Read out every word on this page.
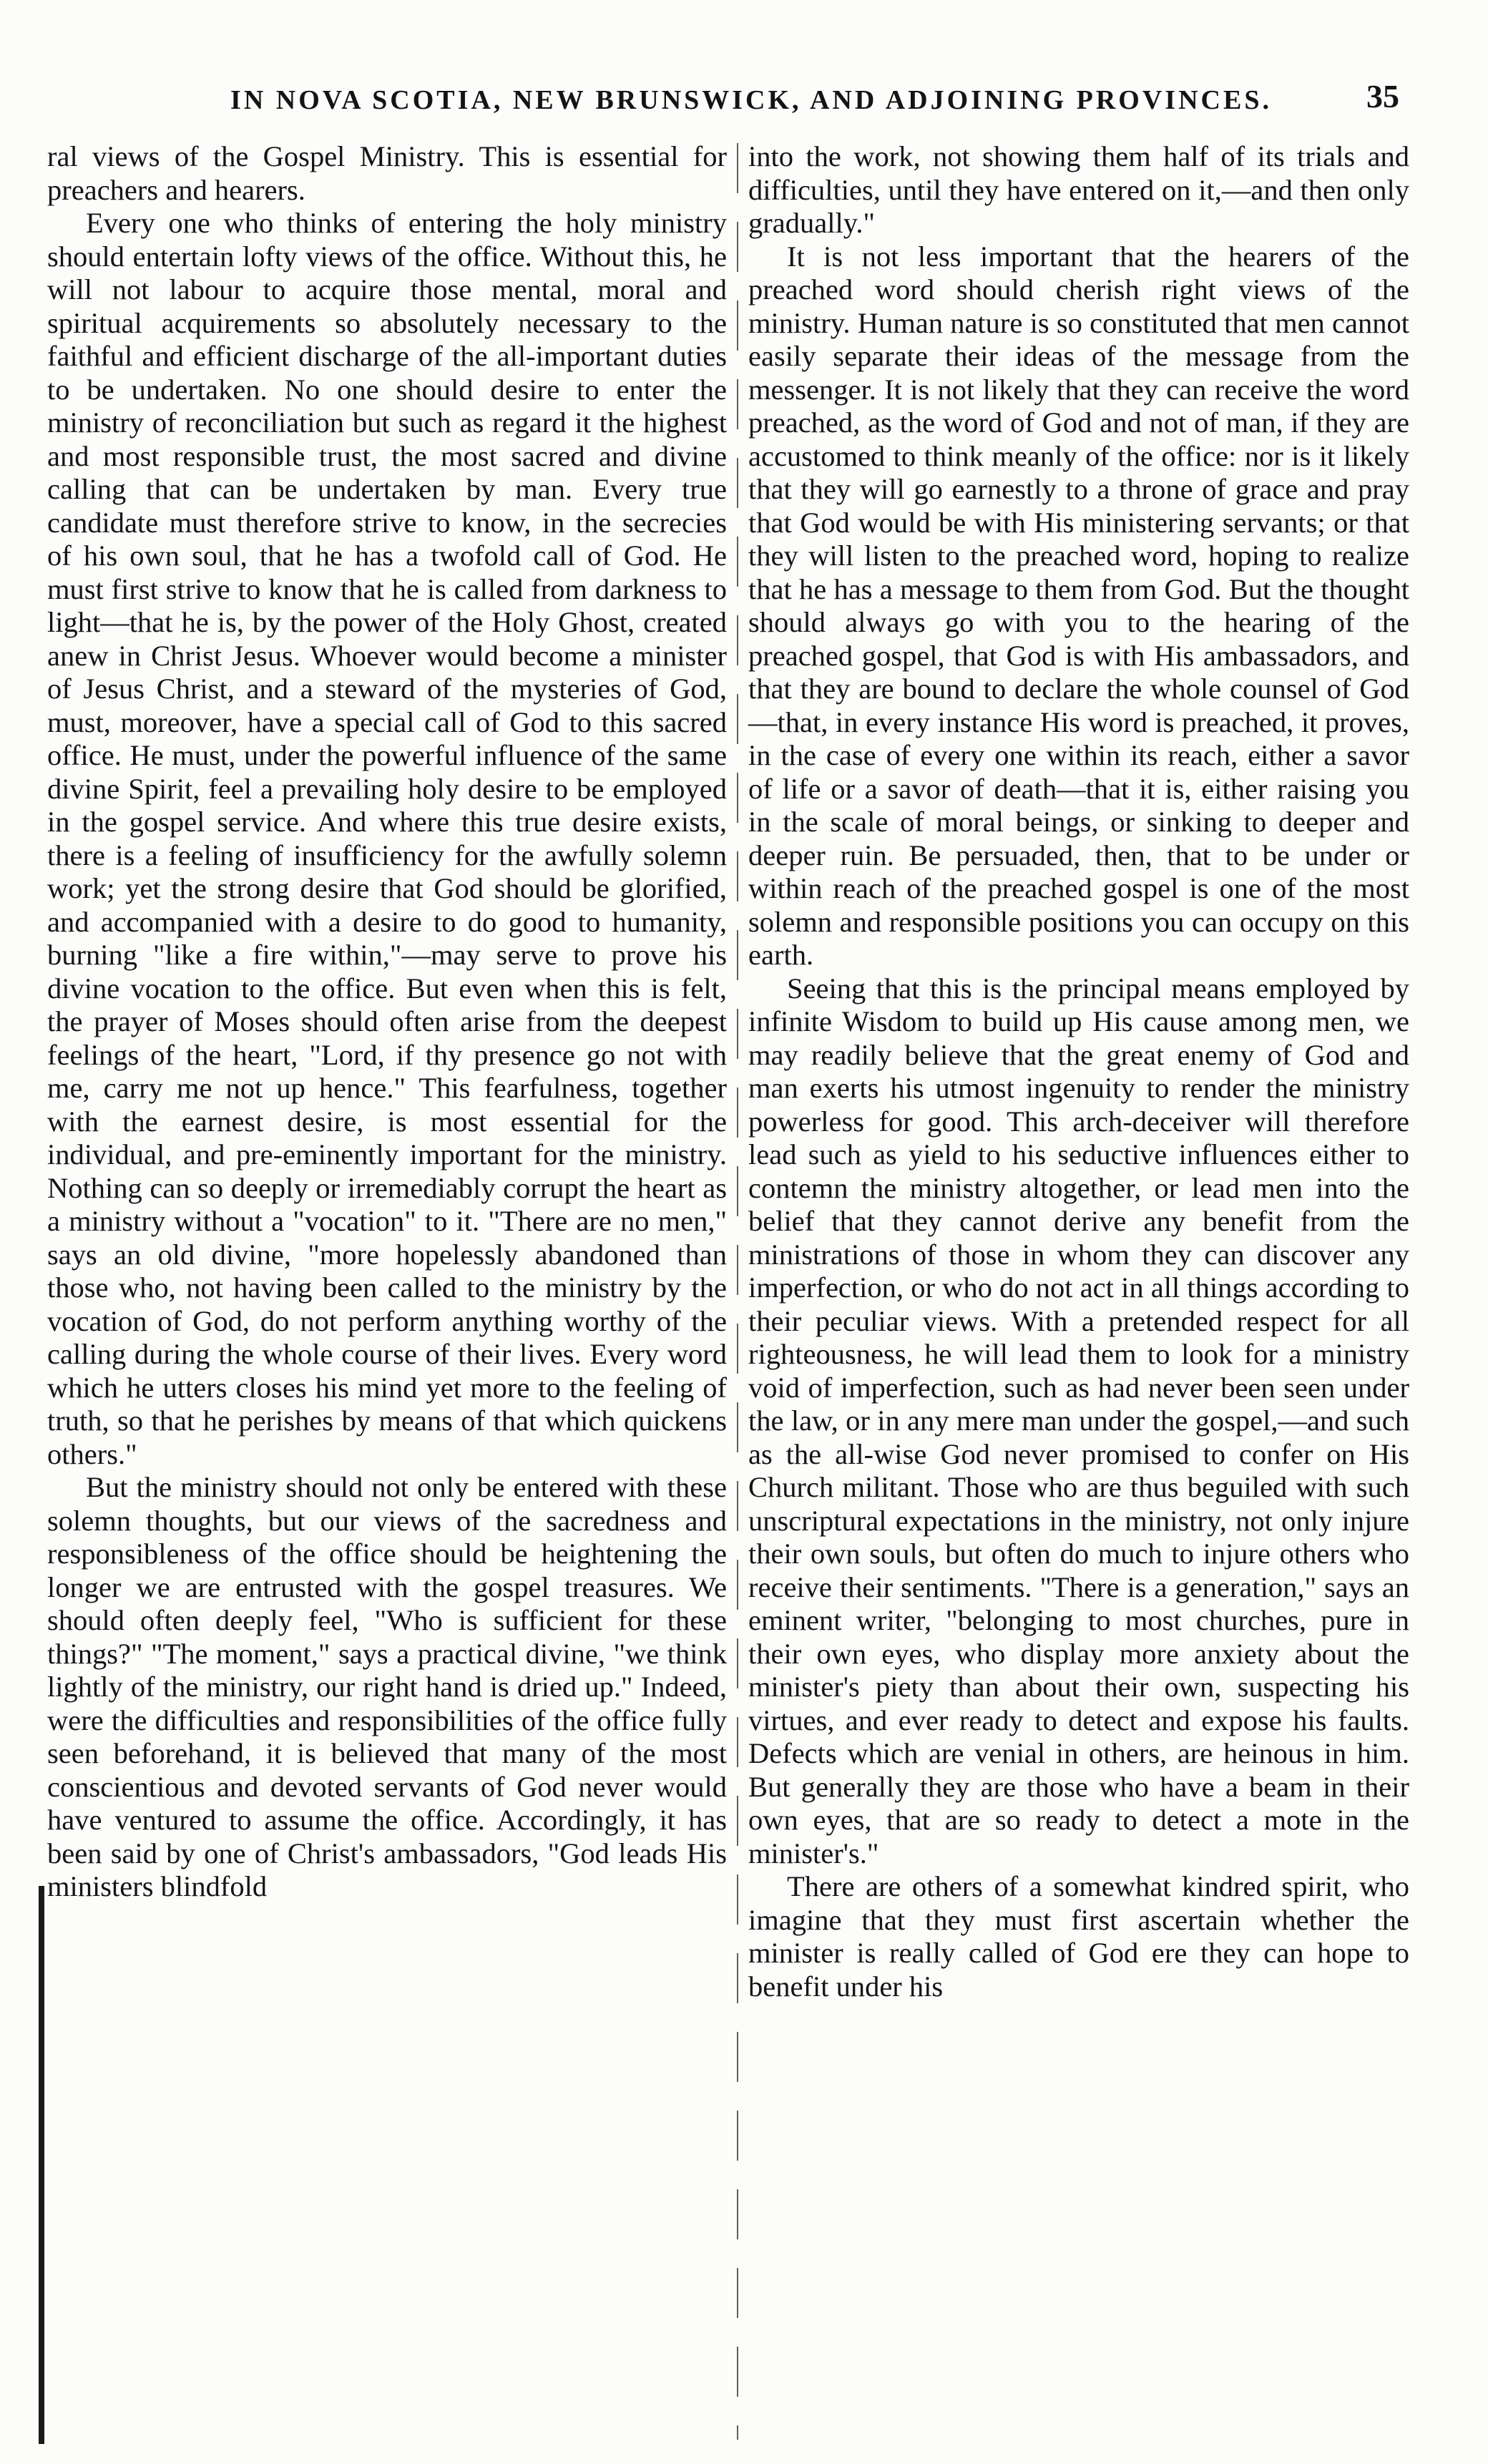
IN NOVA SCOTIA, NEW BRUNSWICK, AND ADJOINING PROVINCES.	35

ral views of the Gospel Ministry. This is essential for preachers and hearers.

Every one who thinks of entering the holy ministry should entertain lofty views of the office. Without this, he will not labour to acquire those mental, moral and spiritual acquirements so absolutely necessary to the faithful and efficient discharge of the all-important duties to be undertaken. No one should desire to enter the ministry of reconciliation but such as regard it the highest and most responsible trust, the most sacred and divine calling that can be undertaken by man. Every true candidate must therefore strive to know, in the secrecies of his own soul, that he has a twofold call of God. He must first strive to know that he is called from darkness to light—that he is, by the power of the Holy Ghost, created anew in Christ Jesus. Whoever would become a minister of Jesus Christ, and a steward of the mysteries of God, must, moreover, have a special call of God to this sacred office. He must, under the powerful influence of the same divine Spirit, feel a prevailing holy desire to be employed in the gospel service. And where this true desire exists, there is a feeling of insufficiency for the awfully solemn work; yet the strong desire that God should be glorified, and accompanied with a desire to do good to humanity, burning "like a fire within,"—may serve to prove his divine vocation to the office. But even when this is felt, the prayer of Moses should often arise from the deepest feelings of the heart, "Lord, if thy presence go not with me, carry me not up hence." This fearfulness, together with the earnest desire, is most essential for the individual, and pre-eminently important for the ministry. Nothing can so deeply or irremediably corrupt the heart as a ministry without a "vocation" to it. "There are no men," says an old divine, "more hopelessly abandoned than those who, not having been called to the ministry by the vocation of God, do not perform anything worthy of the calling during the whole course of their lives. Every word which he utters closes his mind yet more to the feeling of truth, so that he perishes by means of that which quickens others."

But the ministry should not only be entered with these solemn thoughts, but our views of the sacredness and responsibleness of the office should be heightening the longer we are entrusted with the gospel treasures. We should often deeply feel, "Who is sufficient for these things?" "The moment," says a practical divine, "we think lightly of the ministry, our right hand is dried up." Indeed, were the difficulties and responsibilities of the office fully seen beforehand, it is believed that many of the most conscientious and devoted servants of God never would have ventured to assume the office. Accordingly, it has been said by one of Christ's ambassadors, "God leads His ministers blindfold

into the work, not showing them half of its trials and difficulties, until they have entered on it,—and then only gradually."

It is not less important that the hearers of the preached word should cherish right views of the ministry. Human nature is so constituted that men cannot easily separate their ideas of the message from the messenger. It is not likely that they can receive the word preached, as the word of God and not of man, if they are accustomed to think meanly of the office: nor is it likely that they will go earnestly to a throne of grace and pray that God would be with His ministering servants; or that they will listen to the preached word, hoping to realize that he has a message to them from God. But the thought should always go with you to the hearing of the preached gospel, that God is with His ambassadors, and that they are bound to declare the whole counsel of God—that, in every instance His word is preached, it proves, in the case of every one within its reach, either a savor of life or a savor of death—that it is, either raising you in the scale of moral beings, or sinking to deeper and deeper ruin. Be persuaded, then, that to be under or within reach of the preached gospel is one of the most solemn and responsible positions you can occupy on this earth.

Seeing that this is the principal means employed by infinite Wisdom to build up His cause among men, we may readily believe that the great enemy of God and man exerts his utmost ingenuity to render the ministry powerless for good. This arch-deceiver will therefore lead such as yield to his seductive influences either to contemn the ministry altogether, or lead men into the belief that they cannot derive any benefit from the ministrations of those in whom they can discover any imperfection, or who do not act in all things according to their peculiar views. With a pretended respect for all righteousness, he will lead them to look for a ministry void of imperfection, such as had never been seen under the law, or in any mere man under the gospel,—and such as the all-wise God never promised to confer on His Church militant. Those who are thus beguiled with such unscriptural expectations in the ministry, not only injure their own souls, but often do much to injure others who receive their sentiments. "There is a generation," says an eminent writer, "belonging to most churches, pure in their own eyes, who display more anxiety about the minister's piety than about their own, suspecting his virtues, and ever ready to detect and expose his faults. Defects which are venial in others, are heinous in him. But generally they are those who have a beam in their own eyes, that are so ready to detect a mote in the minister's."

There are others of a somewhat kindred spirit, who imagine that they must first ascertain whether the minister is really called of God ere they can hope to benefit under his
